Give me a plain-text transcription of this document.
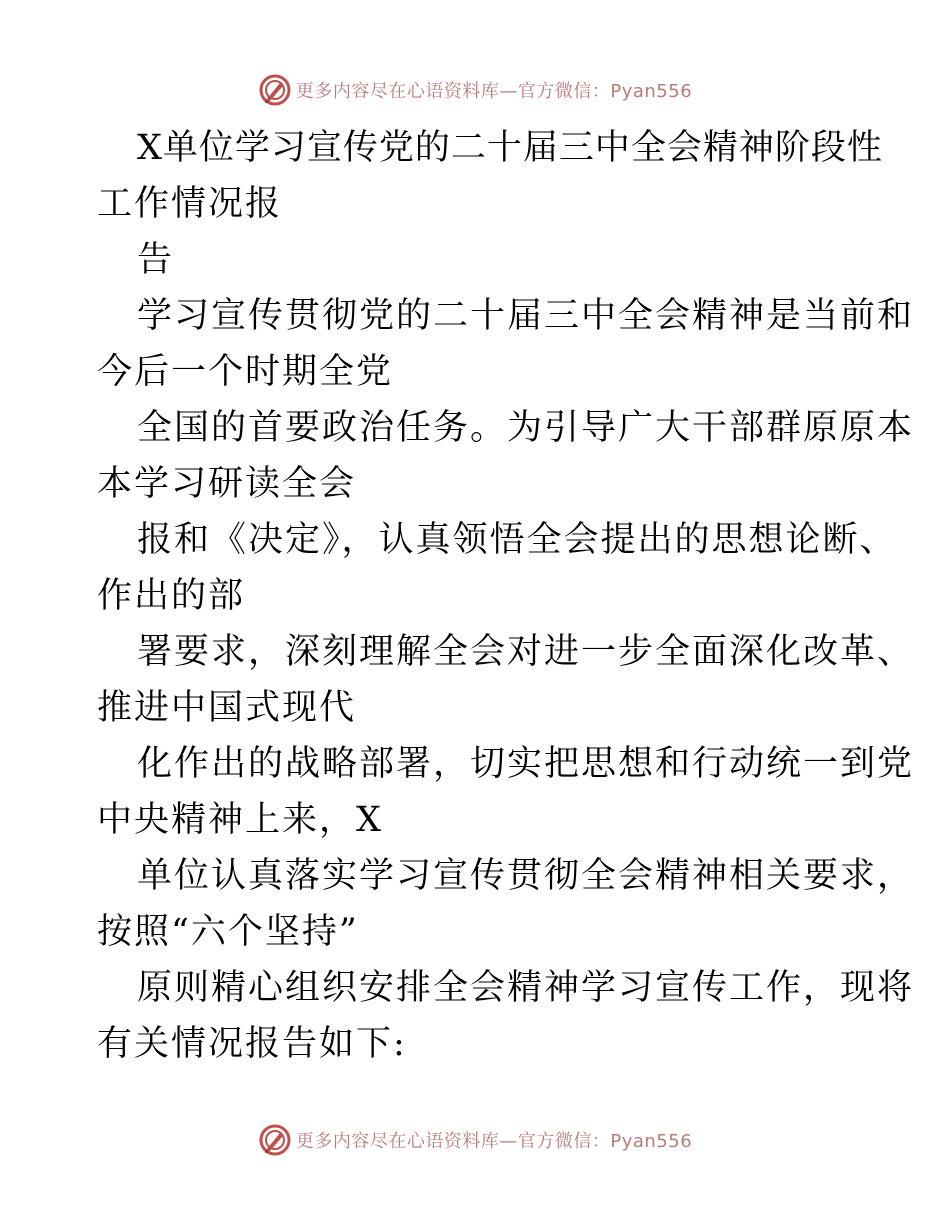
更多内容尽在心语资料库—官方微信：Pyan556
X单位学习宣传党的二十届三中全会精神阶段性
工作情况报
告
学习宣传贯彻党的二十届三中全会精神是当前和
今后一个时期全党
全国的首要政治任务。为引导广大干部群原原本
本学习研读全会
报和《决定》，认真领悟全会提出的思想论断、
作出的部
署要求，深刻理解全会对进一步全面深化改革、
推进中国式现代
化作出的战略部署，切实把思想和行动统一到党
中央精神上来，X
单位认真落实学习宣传贯彻全会精神相关要求，
按照“六个坚持”
原则精心组织安排全会精神学习宣传工作，现将
有关情况报告如下:
更多内容尽在心语资料库—官方微信：Pyan556
